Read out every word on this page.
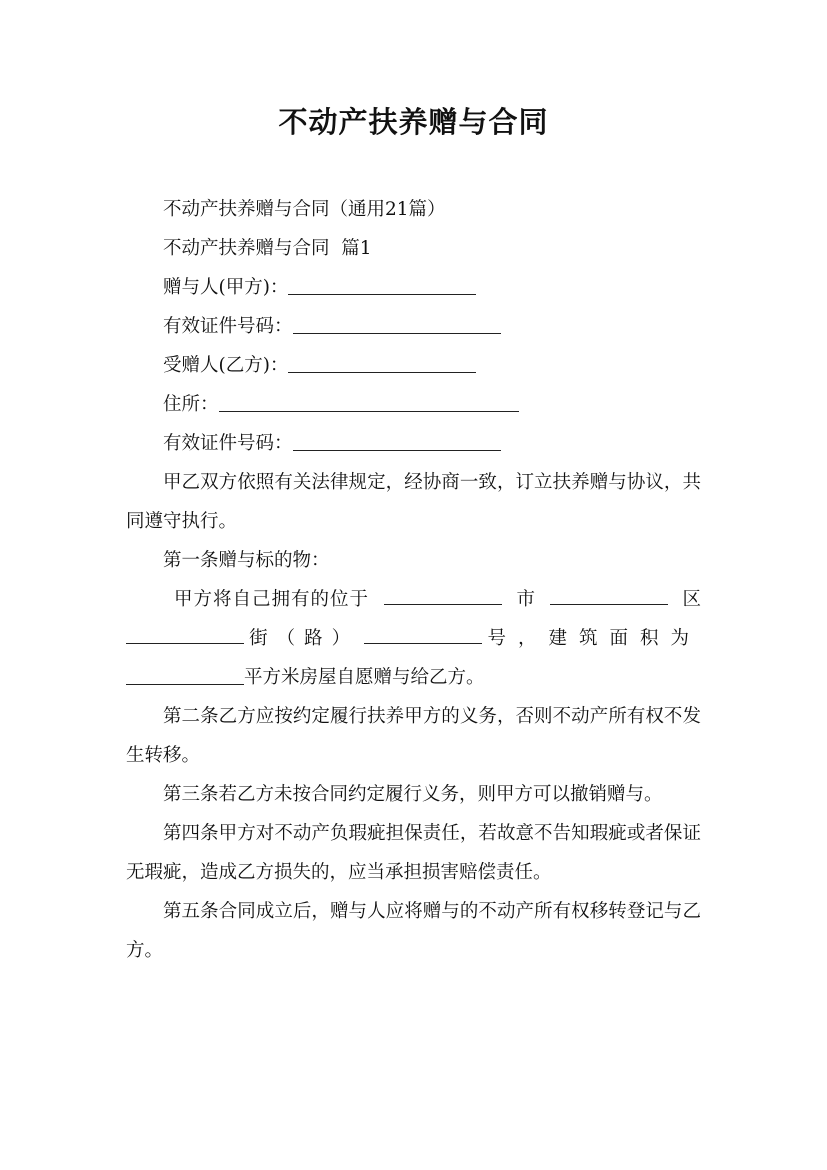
不动产扶养赠与合同

不动产扶养赠与合同（通用21篇）

不动产扶养赠与合同  篇1

赠与人(甲方)：

有效证件号码：

受赠人(乙方)：

住所：

有效证件号码：

甲乙双方依照有关法律规定，经协商一致，订立扶养赠与协议，共同遵守执行。

第一条赠与标的物：

甲方将自己拥有的位于	市	区
街（路）	号，建筑面积为
平方米房屋自愿赠与给乙方。

第二条乙方应按约定履行扶养甲方的义务，否则不动产所有权不发生转移。

第三条若乙方未按合同约定履行义务，则甲方可以撤销赠与。

第四条甲方对不动产负瑕疵担保责任，若故意不告知瑕疵或者保证无瑕疵，造成乙方损失的，应当承担损害赔偿责任。

第五条合同成立后，赠与人应将赠与的不动产所有权移转登记与乙方。
